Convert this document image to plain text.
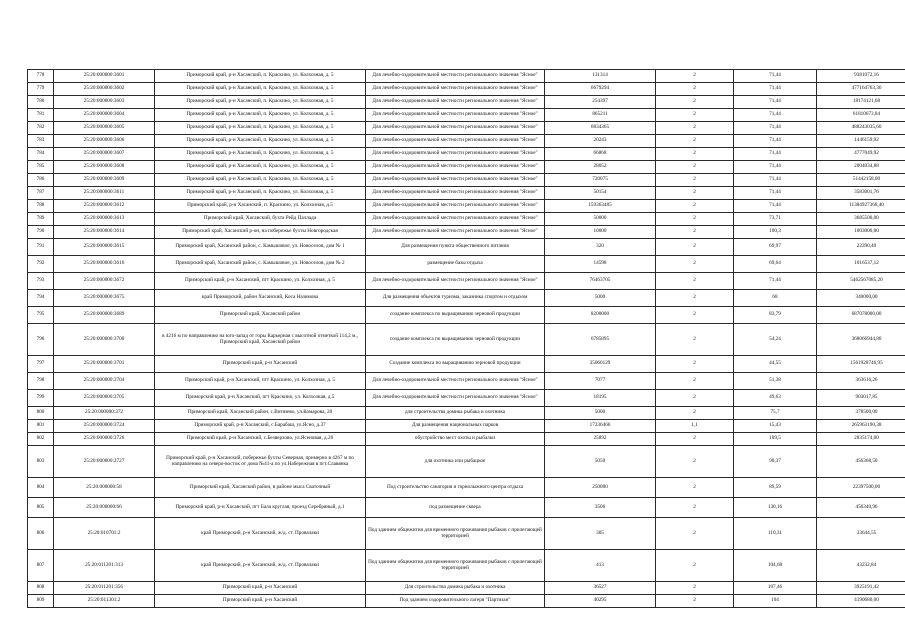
778	25:20:000000:3601	Приморский край, р-н Хасанский, п. Краскино, ул. Колхозная, д. 5	Для лечебно-оздоровительной местности регионального значения "Ясное"	131314	2	71,44	9381072,16
779	25:20:000000:3602	Приморский край, р-н Хасанский, п. Краскино, ул. Колхозная, д. 5	Для лечебно-оздоровительной местности регионального значения "Ясное"	6679294	2	71,44	477164763,36
780	25:20:000000:3603	Приморский край, р-н Хасанский, п. Краскино, ул. Колхозная, д. 5	Для лечебно-оздоровительной местности регионального значения "Ясное"	254397	2	71,44	18174121,68
781	25:20:000000:3604	Приморский край, р-н Хасанский, п. Краскино, ул. Колхозная, д. 5	Для лечебно-оздоровительной местности регионального значения "Ясное"	865211	2	71,44	61810673,84
782	25:20:000000:3605	Приморский край, р-н Хасанский, п. Краскино, ул. Колхозная, д. 5	Для лечебно-оздоровительной местности регионального значения "Ясное"	6834365	2	71,44	488243035,60
783	25:20:000000:3606	Приморский край, р-н Хасанский, п. Краскино, ул. Колхозная, д. 5	Для лечебно-оздоровительной местности регионального значения "Ясное"	20243	2	71,44	1446159,92
784	25:20:000000:3607	Приморский край, р-н Хасанский, п. Краскино, ул. Колхозная, д. 5	Для лечебно-оздоровительной местности регионального значения "Ясное"	66868	2	71,44	4777049,92
785	25:20:000000:3608	Приморский край, р-н Хасанский, п. Краскино, ул. Колхозная, д. 5	Для лечебно-оздоровительной местности регионального значения "Ясное"	28052	2	71,44	2004034,88
786	25:20:000000:3609	Приморский край, р-н Хасанский, п. Краскино, ул. Колхозная, д. 5	Для лечебно-оздоровительной местности регионального значения "Ясное"	720075	2	71,44	51442158,00
787	25:20:000000:3611	Приморский край, р-н Хасанский, п. Краскино, ул. Колхозная, д. 5	Для лечебно-оздоровительной местности регионального значения "Ясное"	50154	2	71,44	3583001,76
788	25:20:000000:3612	Приморский край, р-н Хасанский, п. Краскино, ул. Колхозная, д.5	Для лечебно-оздоровительной местности регионального значения "Ясное"	159363485	2	71,44	11384927368,40
789	25:20:000000:3613	Приморский край, Хасанский, бухта Рейд Паллада	Для лечебно-оздоровительной местности регионального значения "Ясное"	50000	2	73,71	3685500,00
790	25:20:000000:3614	Приморский край, Хасанский р-он, на побережье бухты Новгородская	Для лечебно-оздоровительной местности регионального значения "Ясное"	10000	2	100,3	1003000,00
791	25:20:000000:3615	Приморский край, Хасанский район, с. Камышовое, ул. Новоселов, дом № 1	Для размещения пункта общественного питания	320	2	69,97	22390,40
792	25:20:000000:3616	Приморский край, Хасанский район, с. Камышовое, ул. Новоселов, дом № 2	размещение базы отдыха	14598	2	69,64	1016537,12
793	25:20:000000:3672	Приморский край, р-н Хасанский, пгт Краскино, ул. Колхозная, д. 5	Для лечебно-оздоровительной местности регионального значения "Ясное"	76463705	2	71,44	5462567085,20
794	25:20:000000:3675	край Приморский, район Хасанский, Коса Назимова	Для размещения объектов туризма, заказника спортом и отдыхом	5000	2	68	340000,00
795	25:20:000000:3689	Приморский край, Хасанский район	создание комплекса по выращиванию зерновой продукции	8200000	2	83,79	687078000,00
796	25:20:000000:3700	в 4216 м по направлению на юго-запад от горы Карьерная с высотной отметкой 114,2 м., Приморский край, Хасанский район	создание комплекса по выращиванию зерновой продукции	6785895	2	54,24	368066944,80
797	25:20:000000:3701	Приморский край, р-н Хасанский	Создание комплекса по выращиванию зерновой продукции	35060129	2	44,55	1561928746,95
798	25:20:000000:3704	Приморский край, р-н Хасанский, пгт Краскино, ул. Колхозная, д. 5	Для лечебно-оздоровительной местности регионального значения "Ясное"	7077	2	51,38	363616,26
799	25:20:000000:3705	Приморский край, р-н Хасанский, пгт Краскино, ул. Колхозная, д.5	Для лечебно-оздоровительной местности регионального значения "Ясное"	18195	2	49,63	903017,85
800	25:20:000000:372	Приморский край, Хасанский район, с.Витязево, ул.Комарова, 20	для строительства домика рыбака и охотника	5000	2	75,7	378500,00
801	25:20:000000:3724	Приморский край, р-н Хасанский, с.Барабаш, ул.Ясно, д.37	Для размещения национальных парков	17236466	1,1	15,43	265963190,38
802	25:20:000000:3726	Приморский край, р-н Хасанский, с.Безверхово, ул.Ясеновая, д.26	обустройство мест охоты и рыбалки	25892	2	109,5	2835174,00
803	25:20:000000:3727	Приморский край, р-н Хасанский, побережье бухты Северная, примерно в 4267 м по направлению на северо-восток от дома №41-а по ул.Набережная в пгт.Славянка	для охотника или рыбацкое	5050	2	90,37	456368,50
804	25:20:000000:58	Приморский край, Хасанский район, в районе мыса Сваточный	Под строительство санатория и горнолыжного центра отдыха	250000	2	89,59	22397500,00
805	25:20:000000:66	Приморский край, р-н Хасанский, пгт Бала круглая, проезд Серебряный, д.1	под размещение сквера	3506	2	130,16	456340,96
806	25:20:010701:2	край Приморский, р-н Хасанский, ж/д. ст. Провалаки	Под зданием общежития для временного проживания рыбаков с прилегающей территорией	305	2	110,31	33644,55
807	25:20:011201:313	край Приморский, р-н Хасанский, ж/д. ст. Провалаки	Под зданием общежития для временного проживания рыбаков с прилегающей территорией	413	2	104,68	43232,84
808	25:20:011201:356	Приморский край, р-н Хасанский	Для строительства домика рыбака и охотника	36527	2	107,46	3925191,42
809	25:20:011301:2	Приморский край, р-н Хасанский	Под зданием оздоровительного лагеря "Партизан"	40295	2	104	4190680,00
